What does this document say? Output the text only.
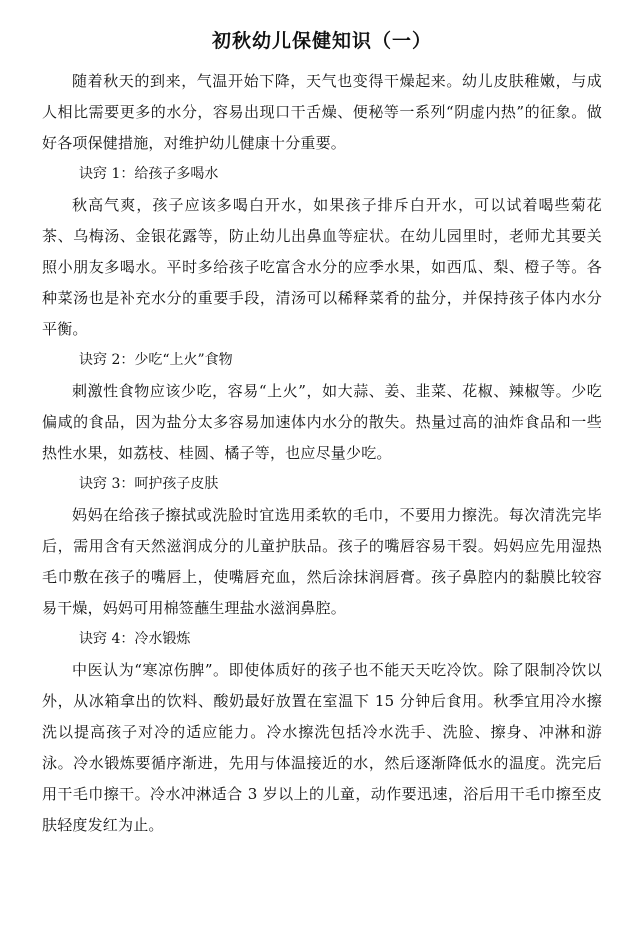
初秋幼儿保健知识（一）

随着秋天的到来，气温开始下降，天气也变得干燥起来。幼儿皮肤稚嫩，与成人相比需要更多的水分，容易出现口干舌燥、便秘等一系列“阴虚内热”的征象。做好各项保健措施，对维护幼儿健康十分重要。

诀窍 1：给孩子多喝水

秋高气爽，孩子应该多喝白开水，如果孩子排斥白开水，可以试着喝些菊花茶、乌梅汤、金银花露等，防止幼儿出鼻血等症状。在幼儿园里时，老师尤其要关照小朋友多喝水。平时多给孩子吃富含水分的应季水果，如西瓜、梨、橙子等。各种菜汤也是补充水分的重要手段，清汤可以稀释菜肴的盐分，并保持孩子体内水分平衡。

诀窍 2：少吃“上火”食物

刺激性食物应该少吃，容易“上火”，如大蒜、姜、韭菜、花椒、辣椒等。少吃偏咸的食品，因为盐分太多容易加速体内水分的散失。热量过高的油炸食品和一些热性水果，如荔枝、桂圆、橘子等，也应尽量少吃。

诀窍 3：呵护孩子皮肤

妈妈在给孩子擦拭或洗脸时宜选用柔软的毛巾，不要用力擦洗。每次清洗完毕后，需用含有天然滋润成分的儿童护肤品。孩子的嘴唇容易干裂。妈妈应先用湿热毛巾敷在孩子的嘴唇上，使嘴唇充血，然后涂抹润唇膏。孩子鼻腔内的黏膜比较容易干燥，妈妈可用棉签蘸生理盐水滋润鼻腔。

诀窍 4：冷水锻炼

中医认为“寒凉伤脾”。即使体质好的孩子也不能天天吃冷饮。除了限制冷饮以外，从冰箱拿出的饮料、酸奶最好放置在室温下 15 分钟后食用。秋季宜用冷水擦洗以提高孩子对冷的适应能力。冷水擦洗包括冷水洗手、洗脸、擦身、冲淋和游泳。冷水锻炼要循序渐进，先用与体温接近的水，然后逐渐降低水的温度。洗完后用干毛巾擦干。冷水冲淋适合 3 岁以上的儿童，动作要迅速，浴后用干毛巾擦至皮肤轻度发红为止。
